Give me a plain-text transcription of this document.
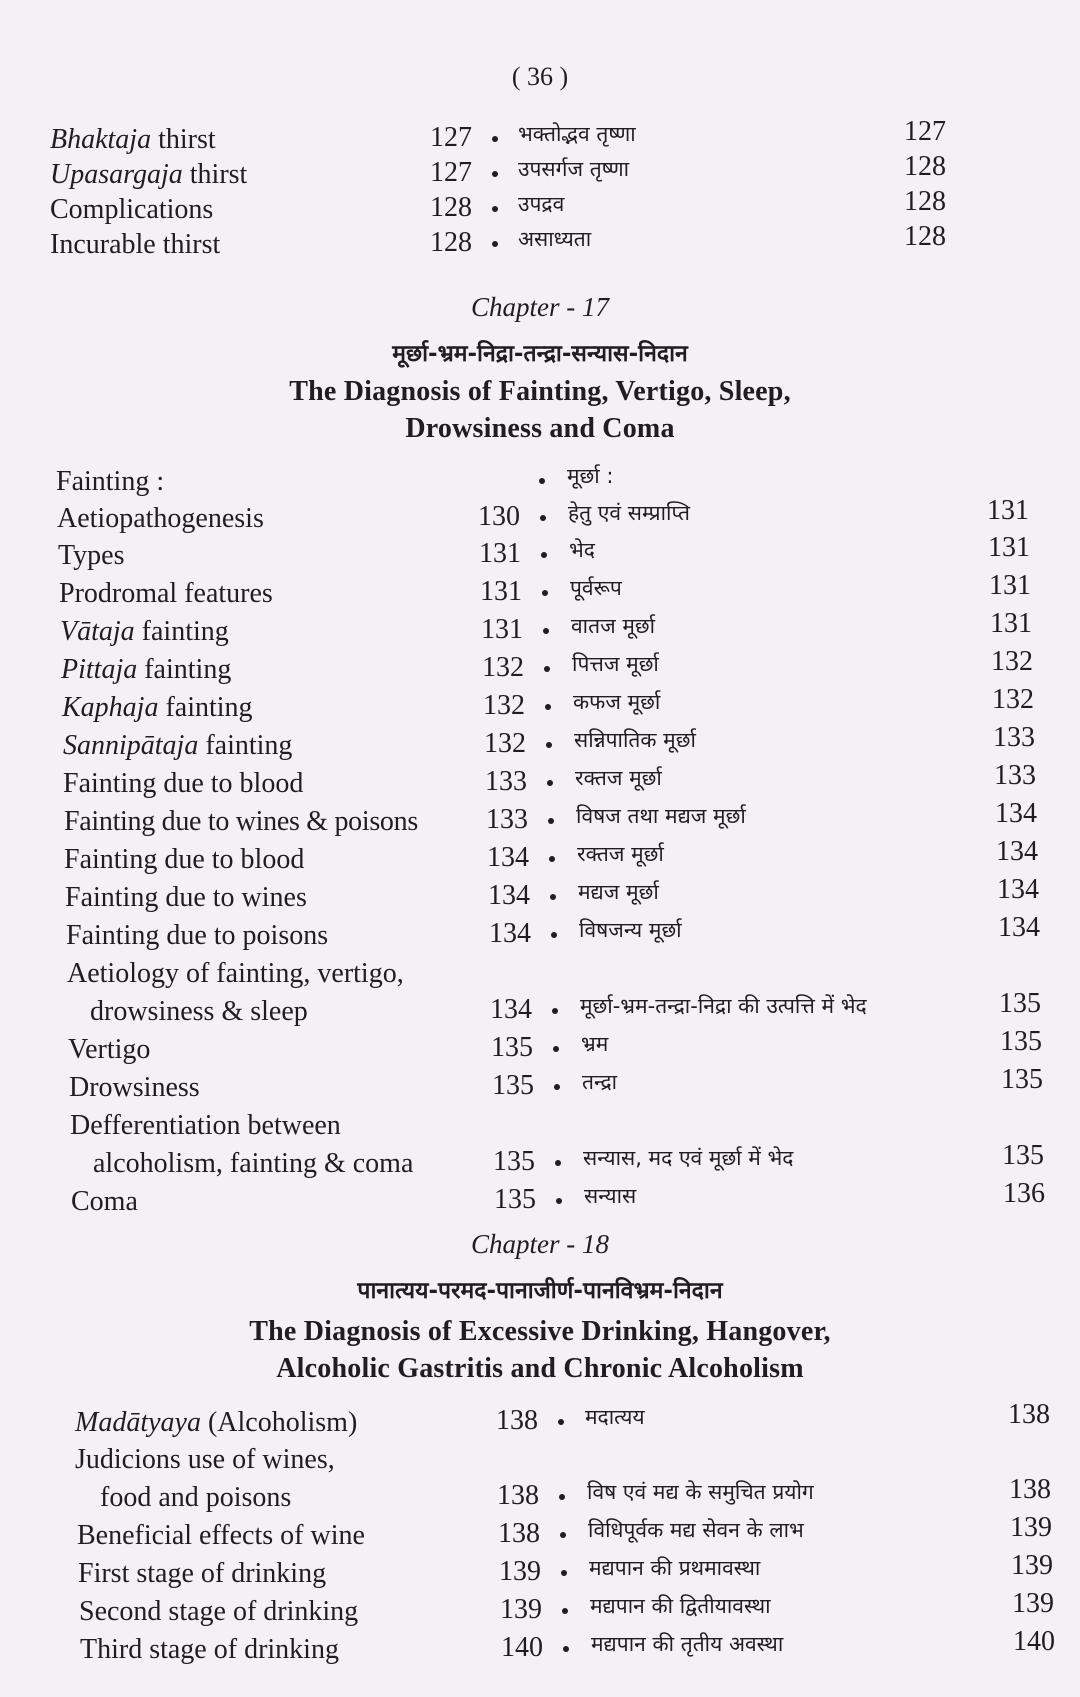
( 36 )
Bhaktaja thirst	127 भक्तोद्भव तृष्णा	127
Upasargaja thirst	127 उपसर्गज तृष्णा	128
Complications	128 उपद्रव	128
Incurable thirst	128 असाध्यता	128
Chapter - 17
मूर्छा-भ्रम-निद्रा-तन्द्रा-सन्यास-निदान
The Diagnosis of Fainting, Vertigo, Sleep,
Drowsiness and Coma
Fainting :	मूर्छा :
Aetiopathogenesis	130 हेतु एवं सम्प्राप्ति	131
Types	131 भेद	131
Prodromal features	131 पूर्वरूप	131
Vātaja fainting	131 वातज मूर्छा	131
Pittaja fainting	132 पित्तज मूर्छा	132
Kaphaja fainting	132 कफज मूर्छा	132
Sannipātaja fainting	132 सन्निपातिक मूर्छा	133
Fainting due to blood	133 रक्तज मूर्छा	133
Fainting due to wines & poisons	133 विषज तथा मद्यज मूर्छा	134
Fainting due to blood	134 रक्तज मूर्छा	134
Fainting due to wines	134 मद्यज मूर्छा	134
Fainting due to poisons	134 विषजन्य मूर्छा	134
Aetiology of fainting, vertigo,
drowsiness & sleep	134 मूर्छा-भ्रम-तन्द्रा-निद्रा की उत्पत्ति में भेद	135
Vertigo	135 भ्रम	135
Drowsiness	135 तन्द्रा	135
Defferentiation between
alcoholism, fainting & coma	135 सन्यास, मद एवं मूर्छा में भेद	135
Coma	135 सन्यास	136
Chapter - 18
पानात्यय-परमद-पानाजीर्ण-पानविभ्रम-निदान
The Diagnosis of Excessive Drinking, Hangover,
Alcoholic Gastritis and Chronic Alcoholism
Madātyaya (Alcoholism)	138 मदात्यय	138
Judicions use of wines,
food and poisons	138 विष एवं मद्य के समुचित प्रयोग	138
Beneficial effects of wine	138 विधिपूर्वक मद्य सेवन के लाभ	139
First stage of drinking	139 मद्यपान की प्रथमावस्था	139
Second stage of drinking	139 मद्यपान की द्वितीयावस्था	139
Third stage of drinking	140 मद्यपान की तृतीय अवस्था	140
